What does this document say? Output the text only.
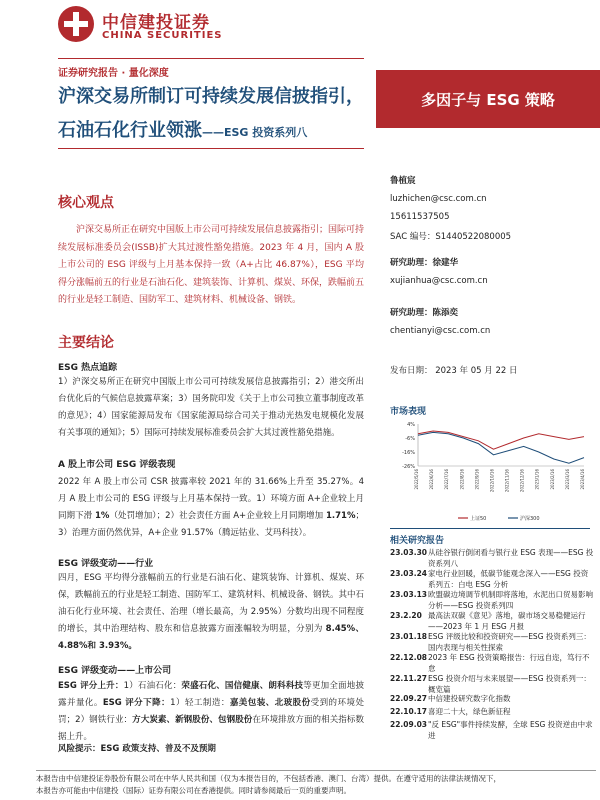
中信建投证券
CHINA SECURITIES
证券研究报告 · 量化深度
沪深交易所制订可持续发展信披指引，
石油石化行业领涨——ESG 投资系列八
多因子与 ESG 策略
核心观点
沪深交易所正在研究中国版上市公司可持续发展信息披露指引；国际可持续发展标准委员会(ISSB)扩大其过渡性豁免措施。2023 年 4 月，国内 A 股上市公司的 ESG 评级与上月基本保持一致（A+占比 46.87%），ESG 平均得分涨幅前五的行业是石油石化、建筑装饰、计算机、煤炭、环保，跌幅前五的行业是轻工制造、国防军工、建筑材料、机械设备、钢铁。
主要结论
ESG 热点追踪
1）沪深交易所正在研究中国版上市公司可持续发展信息披露指引；2）港交所出台优化后的气候信息披露草案；3）国务院印发《关于上市公司独立董事制度改革的意见》；4）国家能源局发布《国家能源局综合司关于推动光热发电规模化发展有关事项的通知》；5）国际可持续发展标准委员会扩大其过渡性豁免措施。
A 股上市公司 ESG 评级表现
2022 年 A 股上市公司 CSR 披露率较 2021 年的 31.66%上升至 35.27%。4 月 A 股上市公司的 ESG 评级与上月基本保持一致。1）环境方面 A+企业较上月同期下滑 1%（处罚增加）；2）社会责任方面 A+企业较上月同期增加 1.71%；3）治理方面仍然优异，A+企业 91.57%（腾远钴业、艾玛科技）。
ESG 评级变动——行业
四月，ESG 平均得分涨幅前五的行业是石油石化、建筑装饰、计算机、煤炭、环保，跌幅前五的行业是轻工制造、国防军工、建筑材料、机械设备、钢铁。其中石油石化行业环境、社会责任、治理（增长最高，为 2.95%）分数均出现不同程度的增长，其中治理结构、股东和信息披露方面涨幅较为明显，分别为 8.45%、4.88%和 3.93%。
ESG 评级变动——上市公司
ESG 评分上升：1）石油石化：荣盛石化、国信健康、朗科科技等更加全面地披露并量化。ESG 评分下降：1）轻工制造：嘉美包装、北玻股份受到的环境处罚；2）钢铁行业：方大炭素、新钢股份、包钢股份在环境排放方面的相关指标数据上升。
风险提示：ESG 政策支持、普及不及预期
鲁植宸
luzhichen@csc.com.cn
15611537505
SAC 编号：S1440522080005
研究助理：徐建华
xujianhua@csc.com.cn
研究助理：陈添奕
chentianyi@csc.com.cn
发布日期： 2023 年 05 月 22 日
市场表现
4%
-6%
-16%
-26%
2022/5/16	2022/6/16	2022/7/16	2022/8/16	2022/9/16	2022/10/16	2022/11/16	2022/12/16	2023/1/16	2023/2/16	2023/3/16	2023/4/16
上证50	沪深300
相关研究报告
23.03.30 从硅谷银行倒闭看与银行业 ESG 表现——ESG 投资系列八
23.03.24 家电行业回暖，低碳节能观念深入——ESG 投资系列五：白电 ESG 分析
23.03.13 欧盟碳边境调节机制即将落地，水泥出口贸易影响分析——ESG 投资系列四
23.2.20 最高法双碳《意见》落地，碳市场交易稳健运行——2023 年 1 月 ESG 月报
23.01.18 ESG 评级比较和投资研究——ESG 投资系列三：国内表现与相关性探索
22.12.08 2023 年 ESG 投资策略报告：行远自迩，笃行不怠
22.11.27 ESG 投资介绍与未来展望——ESG 投资系列一：概览篇
22.09.27 中信建投研究数字化指数
22.10.17 喜迎二十大，绿色新征程
22.09.03 "反 ESG"事件持续发酵，全球 ESG 投资逆由中求进
本报告由中信建投证券股份有限公司在中华人民共和国（仅为本报告目的，不包括香港、澳门、台湾）提供。在遵守适用的法律法规情况下，
本报告亦可能由中信建投（国际）证券有限公司在香港提供。同时请参阅最后一页的重要声明。
